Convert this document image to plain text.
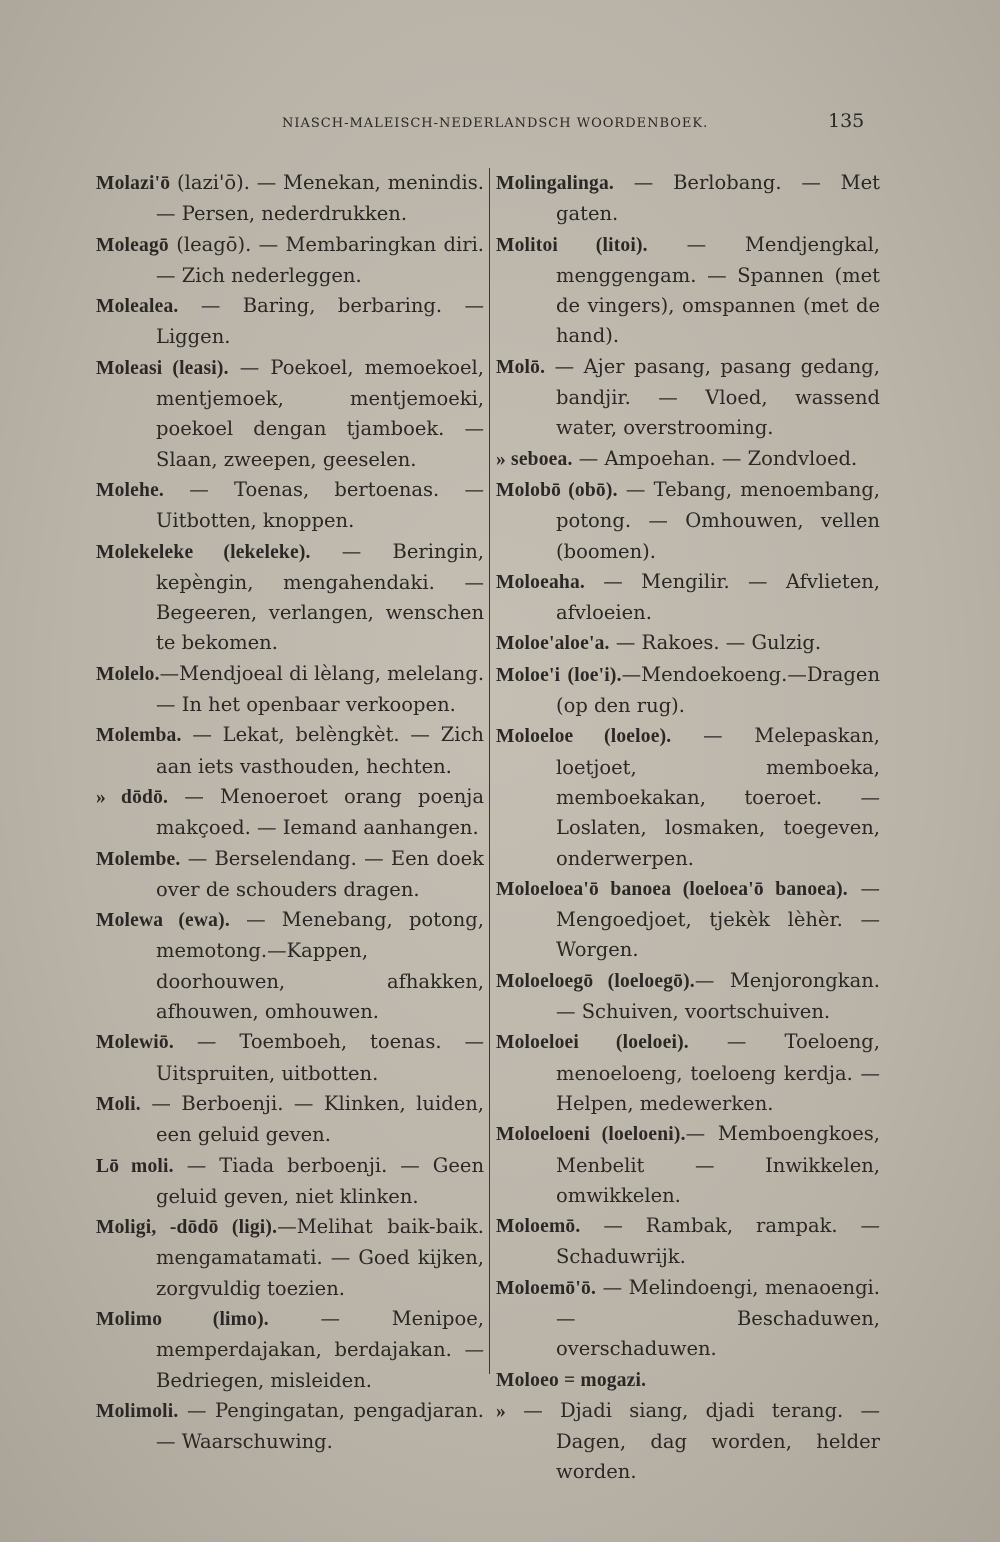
NIASCH-MALEISCH-NEDERLANDSCH WOORDENBOEK.	135
Molazi'ō (lazi'ō). — Menekan, menindis. — Persen, nederdrukken.
Moleagō (leagō). — Membaringkan diri. — Zich nederleggen.
Molealea. — Baring, berbaring. — Liggen.
Moleasi (leasi). — Poekoel, memoekoel, mentjemoek, mentjemoeki, poekoel dengan tjamboek. — Slaan, zweepen, geeselen.
Molehe. — Toenas, bertoenas. — Uitbotten, knoppen.
Molekeleke (lekeleke). — Beringin, kepèngin, mengahendaki. — Begeeren, verlangen, wenschen te bekomen.
Molelo.—Mendjoeal di lèlang, melelang. — In het openbaar verkoopen.
Molemba. — Lekat, belèngkèt. — Zich aan iets vasthouden, hechten.
» dōdō. — Menoeroet orang poenja makçoed. — Iemand aanhangen.
Molembe. — Berselendang. — Een doek over de schouders dragen.
Molewa (ewa). — Menebang, potong, memotong.—Kappen, doorhouwen, afhakken, afhouwen, omhouwen.
Molewiō. — Toemboeh, toenas. — Uitspruiten, uitbotten.
Moli. — Berboenji. — Klinken, luiden, een geluid geven.
Lō moli. — Tiada berboenji. — Geen geluid geven, niet klinken.
Moligi, -dōdō (ligi).—Melihat baik-baik. mengamatamati. — Goed kijken, zorgvuldig toezien.
Molimo (limo). — Menipoe, memperdajakan, berdajakan. —Bedriegen, misleiden.
Molimoli. — Pengingatan, pengadjaran. — Waarschuwing.
Molingalinga. — Berlobang. — Met gaten.
Molitoi (litoi). — Mendjengkal, menggengam. — Spannen (met de vingers), omspannen (met de hand).
Molō. — Ajer pasang, pasang gedang, bandjir. — Vloed, wassend water, overstrooming.
» seboea. — Ampoehan. — Zondvloed.
Molobō (obō). — Tebang, menoembang, potong. — Omhouwen, vellen (boomen).
Moloeaha. — Mengilir. — Afvlieten, afvloeien.
Moloe'aloe'a. — Rakoes. — Gulzig.
Moloe'i (loe'i).—Mendoekoeng.—Dragen (op den rug).
Moloeloe (loeloe). — Melepaskan, loetjoet, memboeka, memboekakan, toeroet. — Loslaten, losmaken, toegeven, onderwerpen.
Moloeloea'ō banoea (loeloea'ō banoea). — Mengoedjoet, tjekèk lèhèr. — Worgen.
Moloeloegō (loeloegō).— Menjorongkan. — Schuiven, voortschuiven.
Moloeloei (loeloei). — Toeloeng, menoeloeng, toeloeng kerdja. — Helpen, medewerken.
Moloeloeni (loeloeni).— Memboengkoes, Menbelit — Inwikkelen, omwikkelen.
Moloemō. — Rambak, rampak. — Schaduwrijk.
Moloemō'ō. — Melindoengi, menaoengi. — Beschaduwen, overschaduwen.
Moloeo = mogazi.
» — Djadi siang, djadi terang. — Dagen, dag worden, helder worden.
